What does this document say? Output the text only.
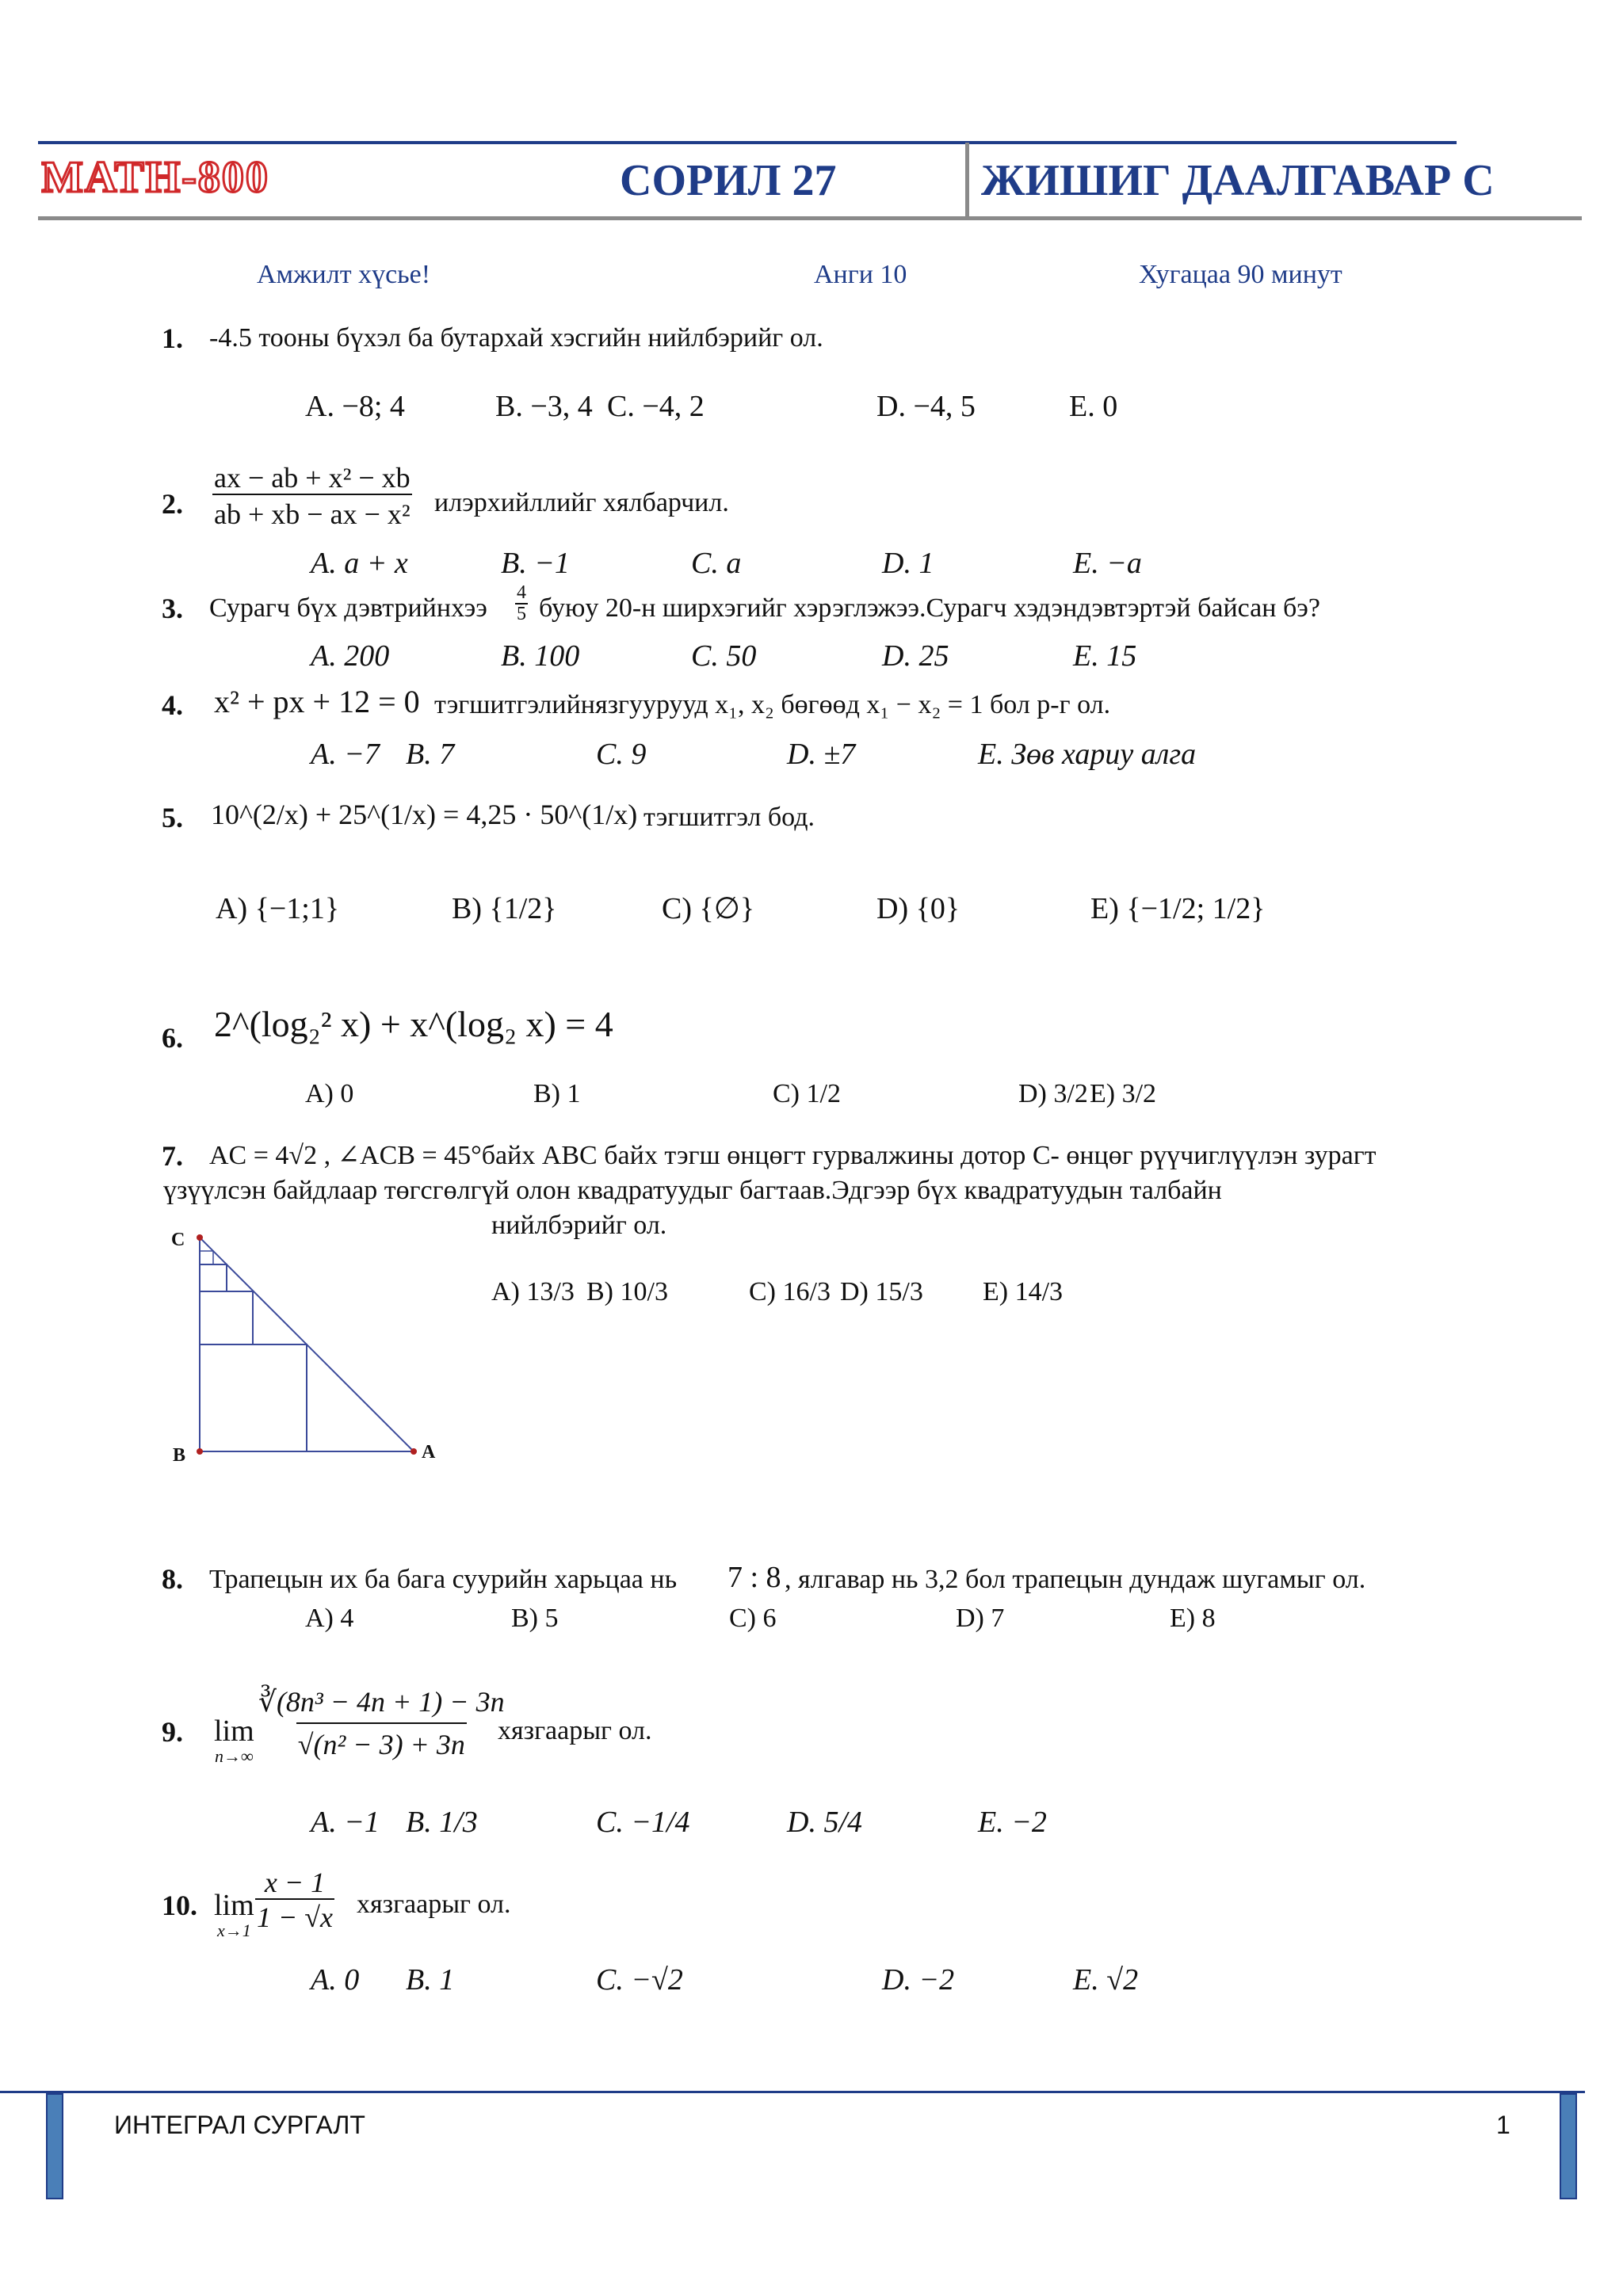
МАТН-800	СОРИЛ 27	ЖИШИГ ДААЛГАВАР C
Амжилт хүсье!	Анги 10	Хугацаа 90 минут
1. -4.5 тооны бүхэл ба бутархай хэсгийн нийлбэрийг ол.
A. −8; 4	B. −3, 4 C. −4, 2	D. −4, 5	E. 0
2. $\frac{\text{ax − ab + x² − xb}}{\text{ab + xb − ax − x²}}$ илэрхийллийг хялбарчил.
A. a + x	B. −1	C. a	D. 1	E. −a
3. Сурагч бүх дэвтрийнхээ $\frac{4}{5}$ буюу 20-н ширхэгийг хэрэглэжээ.Сурагч хэдэндэвтэртэй байсан бэ?
A. 200	B. 100	C. 50	D. 25	E. 15
4. x² + px + 12 = 0 тэгшитгэлийнязгуурууд x₁, x₂ бөгөөд x₁ − x₂ = 1 бол p-г ол.
A. −7 B. 7	C. 9	D. ±7	E. Зөв хариу алга
5. 10^(2/x) + 25^(1/x) = 4,25 · 50^(1/x) тэгшитгэл бод.
A) {−1;1}	B) {1/2}	C) {∅}	D) {0}	E) {−1/2; 1/2}
6. 2^(log₂² x) + x^(log₂ x) = 4
A) 0	B) 1	C) 1/2	D) 3/2 E) 3/2
7. AC = 4√2 , ∠ACB = 45°байх ABC байх тэгш өнцөгт гурвалжины дотор C- өнцөг рүүчиглүүлэн зурагт
үзүүлсэн байдлаар төгсгөлгүй олон квадратуудыг багтаав.Эдгээр бүх квадратуудын талбайн
нийлбэрийг ол.
C
B	A
A) 13/3 B) 10/3	C) 16/3 D) 15/3 E) 14/3
8. Трапецын их ба бага суурийн харьцаа нь 7 : 8 , ялгавар нь 3,2 бол трапецын дундаж шугамыг ол.
A) 4	B) 5	C) 6	D) 7	E) 8
9. lim
$n\to\infty \frac{\text{∛(8n³ − 4n + 1) − 3n}}{\text{√(n² − 3) + 3n}}$
хязгаарыг ол.
A. −1 B. 1/3	C. −1/4	D. 5/4	E. −2
10. lim
$x\to 1 \frac{x - 1}{1 - √x}$ хязгаарыг ол.
A. 0 B. 1	C. −√2	D. −2	E. √2
ИНТЕГРАЛ СУРГАЛТ	1
